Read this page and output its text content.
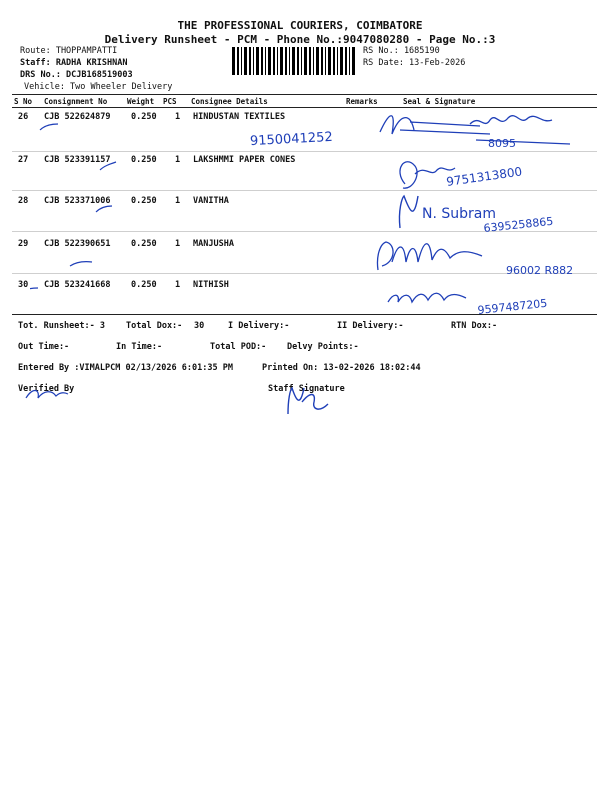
THE PROFESSIONAL COURIERS, COIMBATORE
Delivery Runsheet - PCM - Phone No.:9047080280 - Page No.:3
Route: THOPPAMPATTI
Staff: RADHA KRISHNAN
DRS No.: DCJB168519003
Vehicle: Two Wheeler Delivery
RS No.: 1685190
RS Date: 13-Feb-2026
S No Consignment No	Weight PCS Consignee Details	Remarks	Seal & Signature
26 CJB 522624879 0.250 1 HINDUSTAN TEXTILES
9150041252
27 CJB 523391157 0.250 1 LAKSHMMI PAPER CONES
28 CJB 523371006 0.250 1 VANITHA
29 CJB 522390651 0.250 1 MANJUSHA
30 CJB 523241668 0.250 1 NITHISH
8095
9751313800
N. Subram
6395258865
96002 R882
9597487205
Tot. Runsheet:- 3 Total Dox:- 30	I Delivery:-	II Delivery:-	RTN Dox:-
Out Time:-	In Time:-	Total POD:- Delvy Points:-
Entered By :VIMALPCM 02/13/2026 6:01:35 PM	Printed On: 13-02-2026 18:02:44
Verified By	Staff Signature
